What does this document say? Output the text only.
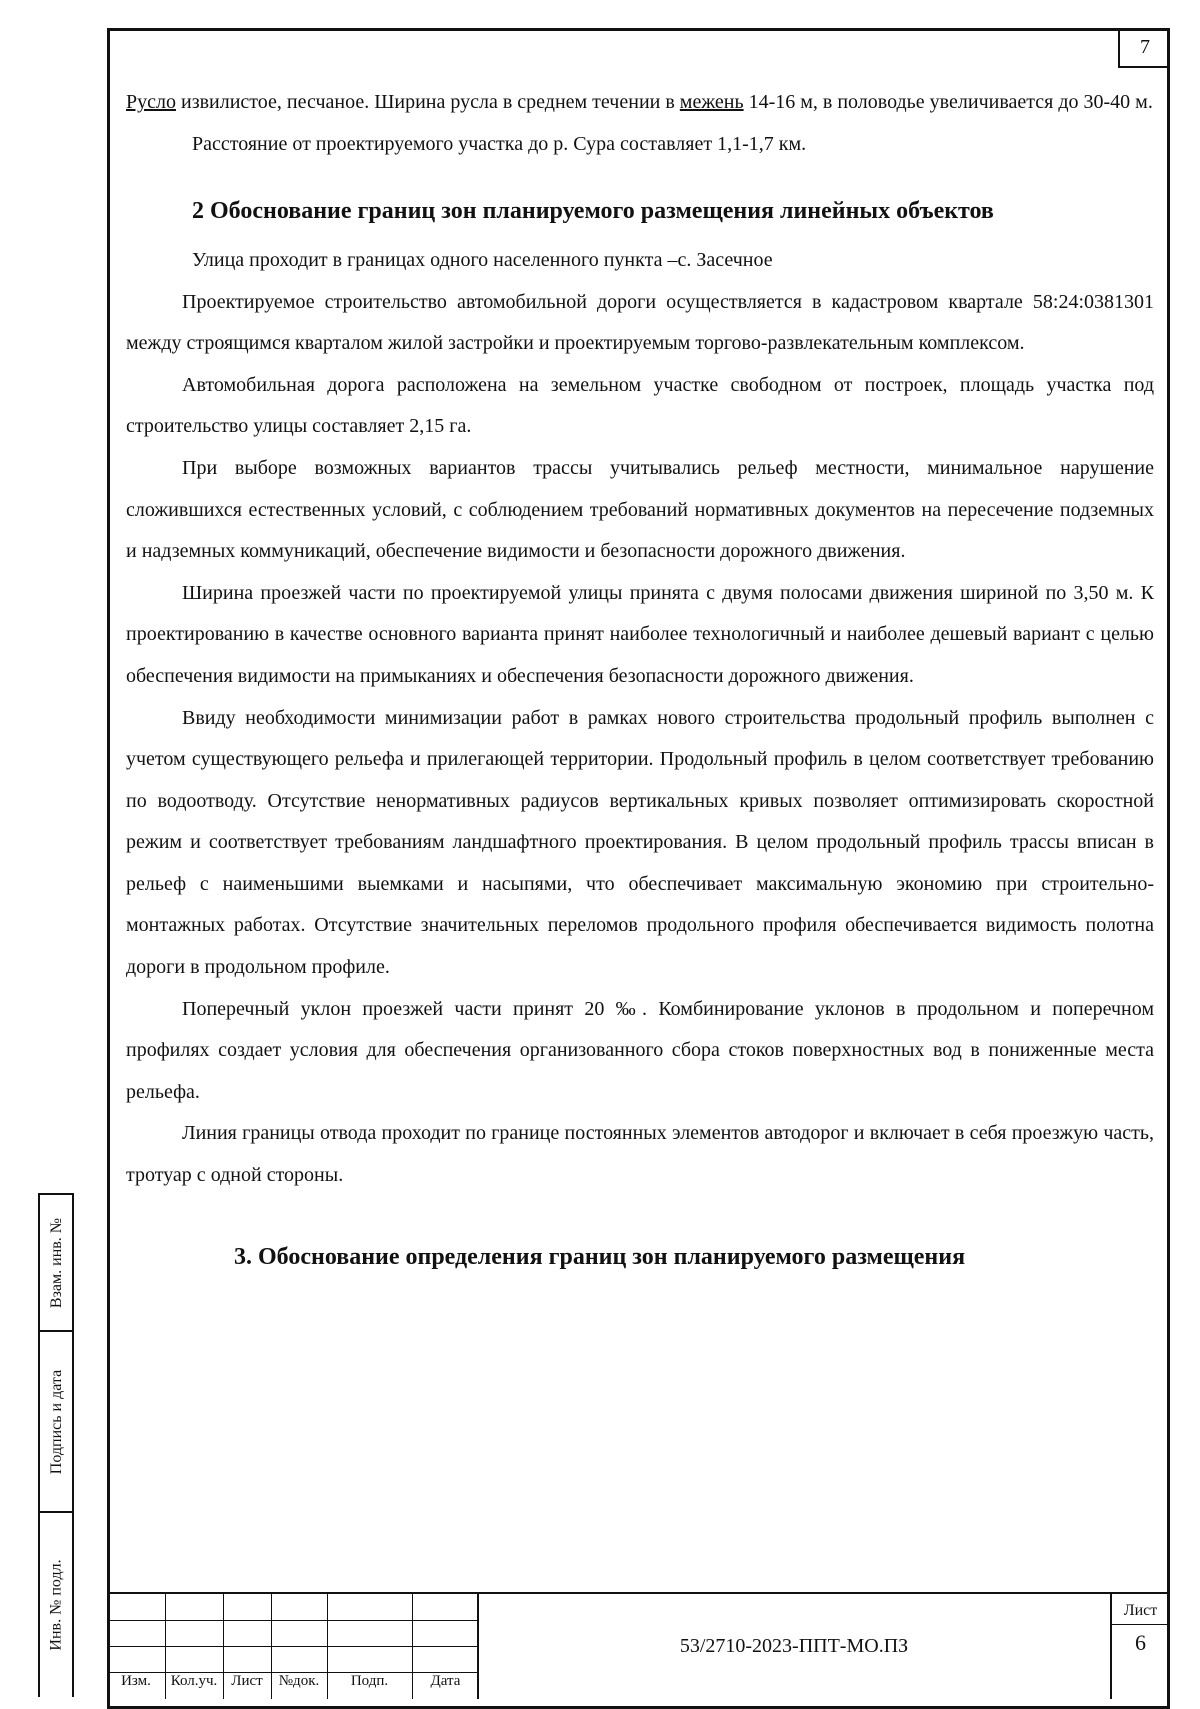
7

Русло извилистое, песчаное. Ширина русла в среднем течении в межень 14-16 м, в половодье увеличивается до 30-40 м.

Расстояние от проектируемого участка до р. Сура составляет 1,1-1,7 км.

2 Обоснование границ зон планируемого размещения линейных объектов

Улица проходит в границах одного населенного пункта –с. Засечное

Проектируемое строительство автомобильной дороги осуществляется в кадастровом квартале 58:24:0381301 между строящимся кварталом жилой застройки и проектируемым торгово-развлекательным комплексом.

Автомобильная дорога расположена на земельном участке свободном от построек, площадь участка под строительство улицы составляет 2,15 га.

При выборе возможных вариантов трассы учитывались рельеф местности, минимальное нарушение сложившихся естественных условий, с соблюдением требований нормативных документов на пересечение подземных и надземных коммуникаций, обеспечение видимости и безопасности дорожного движения.

Ширина проезжей части по проектируемой улицы принята с двумя полосами движения шириной по 3,50 м. К проектированию в качестве основного варианта принят наиболее технологичный и наиболее дешевый вариант с целью обеспечения видимости на примыканиях и обеспечения безопасности дорожного движения.

Ввиду необходимости минимизации работ в рамках нового строительства продольный профиль выполнен с учетом существующего рельефа и прилегающей территории. Продольный профиль в целом соответствует требованию по водоотводу. Отсутствие ненормативных радиусов вертикальных кривых позволяет оптимизировать скоростной режим и соответствует требованиям ландшафтного проектирования. В целом продольный профиль трассы вписан в рельеф с наименьшими выемками и насыпями, что обеспечивает максимальную экономию при строительно-монтажных работах. Отсутствие значительных переломов продольного профиля обеспечивается видимость полотна дороги в продольном профиле.

Поперечный уклон проезжей части принят 20 ‰. Комбинирование уклонов в продольном и поперечном профилях создает условия для обеспечения организованного сбора стоков поверхностных вод в пониженные места рельефа.

Линия границы отвода проходит по границе постоянных элементов автодорог и включает в себя проезжую часть, тротуар с одной стороны.

3. Обоснование определения границ зон планируемого размещения
Взам. инв. №
Подпись и дата
Инв. № подл.
Изм.	Кол.уч. Лист	№док.	Подп.	Дата
53/2710-2023-ППТ-МО.ПЗ
Лист
6
